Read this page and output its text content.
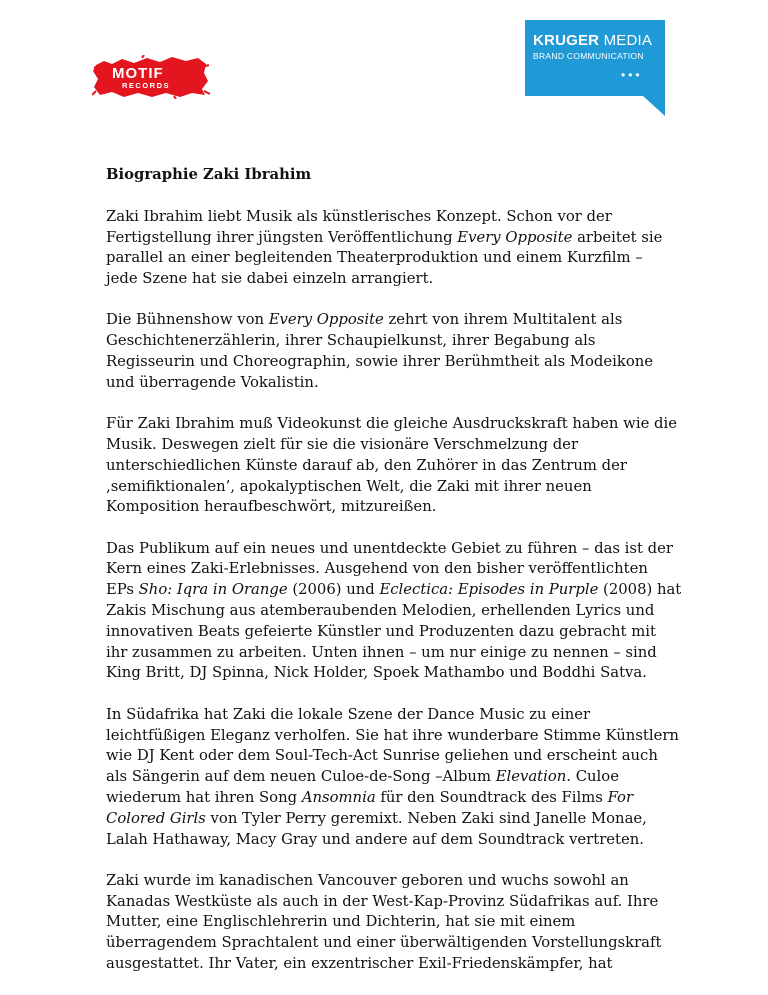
MOTIF
RECORDS
KRUGER MEDIA
BRAND COMMUNICATION
•••
Biographie Zaki Ibrahim
Zaki Ibrahim liebt Musik als künstlerisches Konzept. Schon vor der
Fertigstellung ihrer jüngsten Veröffentlichung Every Opposite arbeitet sie
parallel an einer begleitenden Theaterproduktion und einem Kurzfilm –
jede Szene hat sie dabei einzeln arrangiert.
Die Bühnenshow von Every Opposite zehrt von ihrem Multitalent als
Geschichtenerzählerin, ihrer Schaupielkunst, ihrer Begabung als
Regisseurin und Choreographin, sowie ihrer Berühmtheit als Modeikone
und überragende Vokalistin.
Für Zaki Ibrahim muß Videokunst die gleiche Ausdruckskraft haben wie die
Musik. Deswegen zielt für sie die visionäre Verschmelzung der
unterschiedlichen Künste darauf ab, den Zuhörer in das Zentrum der
‚semifiktionalen’, apokalyptischen Welt, die Zaki mit ihrer neuen
Komposition heraufbeschwört, mitzureißen.
Das Publikum auf ein neues und unentdeckte Gebiet zu führen – das ist der
Kern eines Zaki-Erlebnisses. Ausgehend von den bisher veröffentlichten
EPs Sho: Iqra in Orange (2006) und Eclectica: Episodes in Purple (2008) hat
Zakis Mischung aus atemberaubenden Melodien, erhellenden Lyrics und
innovativen Beats gefeierte Künstler und Produzenten dazu gebracht mit
ihr zusammen zu arbeiten. Unten ihnen – um nur einige zu nennen – sind
King Britt, DJ Spinna, Nick Holder, Spoek Mathambo und Boddhi Satva.
In Südafrika hat Zaki die lokale Szene der Dance Music zu einer
leichtfüßigen Eleganz verholfen. Sie hat ihre wunderbare Stimme Künstlern
wie DJ Kent oder dem Soul-Tech-Act Sunrise geliehen und erscheint auch
als Sängerin auf dem neuen Culoe-de-Song –Album Elevation. Culoe
wiederum hat ihren Song Ansomnia für den Soundtrack des Films For
Colored Girls von Tyler Perry geremixt. Neben Zaki sind Janelle Monae,
Lalah Hathaway, Macy Gray und andere auf dem Soundtrack vertreten.
Zaki wurde im kanadischen Vancouver geboren und wuchs sowohl an
Kanadas Westküste als auch in der West-Kap-Provinz Südafrikas auf. Ihre
Mutter, eine Englischlehrerin und Dichterin, hat sie mit einem
überragendem Sprachtalent und einer überwältigenden Vorstellungskraft
ausgestattet. Ihr Vater, ein exzentrischer Exil-Friedenskämpfer, hat
